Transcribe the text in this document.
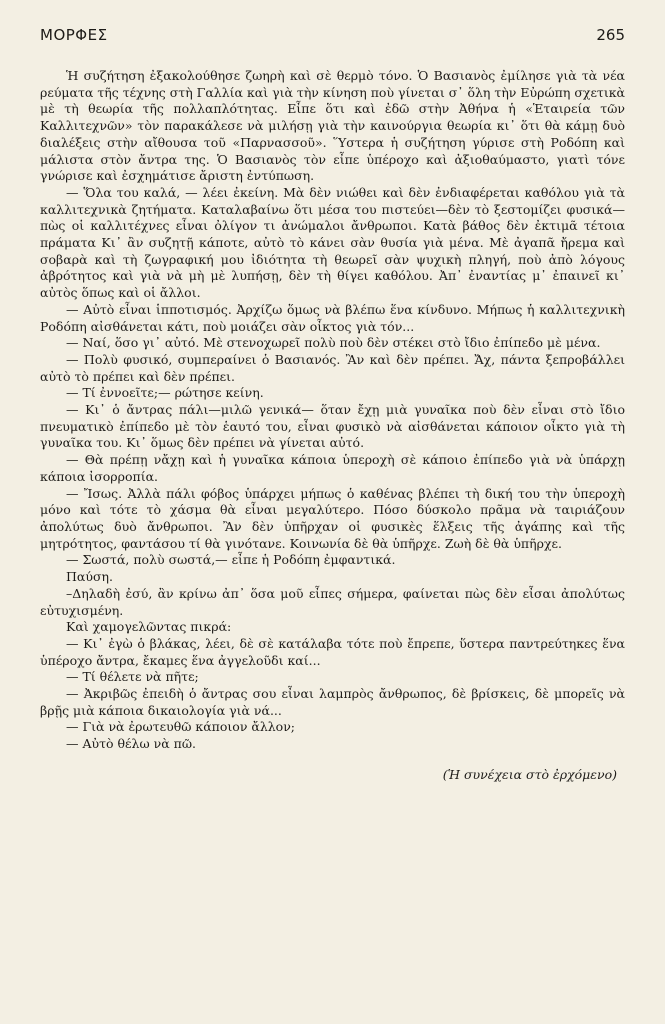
ΜΟΡΦΕΣ	265

Ἡ συζήτηση ἐξακολούθησε ζωηρὴ καὶ σὲ θερμὸ τόνο. Ὁ Βασιανὸς ἐμίλησε γιὰ τὰ νέα ρεύματα τῆς τέχνης στὴ Γαλλία καὶ γιὰ τὴν κίνηση ποὺ γίνεται σ᾽ ὅλη τὴν Εὐρώπη σχετικὰ μὲ τὴ θεωρία τῆς πολλαπλότητας. Εἶπε ὅτι καὶ ἐδῶ στὴν Ἀθήνα ἡ «Ἑταιρεία τῶν Καλλιτεχνῶν» τὸν παρακάλεσε νὰ μιλήσῃ γιὰ τὴν καινούργια θεωρία κι᾽ ὅτι θὰ κάμῃ δυὸ διαλέξεις στὴν αἴθουσα τοῦ «Παρνασσοῦ». Ὕστερα ἡ συζήτηση γύρισε στὴ Ροδόπη καὶ μάλιστα στὸν ἄντρα της. Ὁ Βασιανὸς τὸν εἶπε ὑπέροχο καὶ ἀξιοθαύμαστο, γιατὶ τόνε γνώρισε καὶ ἐσχημάτισε ἄριστη ἐντύπωση.

— Ὅλα του καλά, — λέει ἐκείνη. Μὰ δὲν νιώθει καὶ δὲν ἐνδιαφέρεται καθόλου γιὰ τὰ καλλιτεχνικὰ ζητήματα. Καταλαβαίνω ὅτι μέσα του πιστεύει—δὲν τὸ ξεστομίζει φυσικά—πὼς οἱ καλλιτέχνες εἶναι ὀλίγον τι ἀνώμαλοι ἄνθρωποι. Κατὰ βάθος δὲν ἐκτιμᾶ τέτοια πράματα Κι᾽ ἂν συζητῇ κάποτε, αὐτὸ τὸ κάνει σὰν θυσία γιὰ μένα. Μὲ ἀγαπᾶ ἤρεμα καὶ σοβαρὰ καὶ τὴ ζωγραφική μου ἰδιότητα τὴ θεωρεῖ σὰν ψυχικὴ πληγή, ποὺ ἀπὸ λόγους ἀβρότητος καὶ γιὰ νὰ μὴ μὲ λυπήσῃ, δὲν τὴ θίγει καθόλου. Ἀπ᾽ ἐναντίας μ᾽ ἐπαινεῖ κι᾽ αὐτὸς ὅπως καὶ οἱ ἄλλοι.

— Αὐτὸ εἶναι ἱπποτισμός. Ἀρχίζω ὅμως νὰ βλέπω ἕνα κίνδυνο. Μήπως ἡ καλλιτεχνικὴ Ροδόπη αἰσθάνεται κάτι, ποὺ μοιάζει σὰν οἶκτος γιὰ τόν...

— Ναί, ὅσο γι᾽ αὐτό. Μὲ στενοχωρεῖ πολὺ ποὺ δὲν στέκει στὸ ἴδιο ἐπίπεδο μὲ μένα.

— Πολὺ φυσικό, συμπεραίνει ὁ Βασιανός. Ἂν καὶ δὲν πρέπει. Ἄχ, πάντα ξεπροβάλλει αὐτὸ τὸ πρέπει καὶ δὲν πρέπει.

— Τί ἐννοεῖτε;— ρώτησε κείνη.

— Κι᾽ ὁ ἄντρας πάλι—μιλῶ γενικά— ὅταν ἔχῃ μιὰ γυναῖκα ποὺ δὲν εἶναι στὸ ἴδιο πνευματικὸ ἐπίπεδο μὲ τὸν ἑαυτό του, εἶναι φυσικὸ νὰ αἰσθάνεται κάποιον οἶκτο γιὰ τὴ γυναῖκα του. Κι᾽ ὅμως δὲν πρέπει νὰ γίνεται αὐτό.

— Θὰ πρέπῃ νἄχῃ καὶ ἡ γυναῖκα κάποια ὑπεροχὴ σὲ κάποιο ἐπίπεδο γιὰ νὰ ὑπάρχῃ κάποια ἰσορροπία.

— Ἴσως. Ἀλλὰ πάλι φόβος ὑπάρχει μήπως ὁ καθένας βλέπει τὴ δική του τὴν ὑπεροχὴ μόνο καὶ τότε τὸ χάσμα θὰ εἶναι μεγαλύτερο. Πόσο δύσκολο πρᾶμα νὰ ταιριάζουν ἀπολύτως δυὸ ἄνθρωποι. Ἂν δὲν ὑπῆρχαν οἱ φυσικὲς ἕλξεις τῆς ἀγάπης καὶ τῆς μητρότητος, φαντάσου τί θὰ γινότανε. Κοινωνία δὲ θὰ ὑπῆρχε. Ζωὴ δὲ θὰ ὑπῆρχε.

— Σωστά, πολὺ σωστά,— εἶπε ἡ Ροδόπη ἐμφαντικά.

Παύση.

–Δηλαδὴ ἐσύ, ἂν κρίνω ἀπ᾽ ὅσα μοῦ εἶπες σήμερα, φαίνεται πὼς δὲν εἶσαι ἀπολύτως εὐτυχισμένη.

Καὶ χαμογελῶντας πικρά:

— Κι᾽ ἐγὼ ὁ βλάκας, λέει, δὲ σὲ κατάλαβα τότε ποὺ ἔπρεπε, ὕστερα παντρεύτηκες ἕνα ὑπέροχο ἄντρα, ἔκαμες ἕνα ἀγγελοῦδι καί...

— Τί θέλετε νὰ πῆτε;

— Ἀκριβῶς ἐπειδὴ ὁ ἄντρας σου εἶναι λαμπρὸς ἄνθρωπος, δὲ βρίσκεις, δὲ μπορεῖς νὰ βρῇς μιὰ κάποια δικαιολογία γιὰ νά...

— Γιὰ νὰ ἐρωτευθῶ κάποιον ἄλλον;

— Αὐτὸ θέλω νὰ πῶ.

(Ἡ συνέχεια στὸ ἐρχόμενο)
